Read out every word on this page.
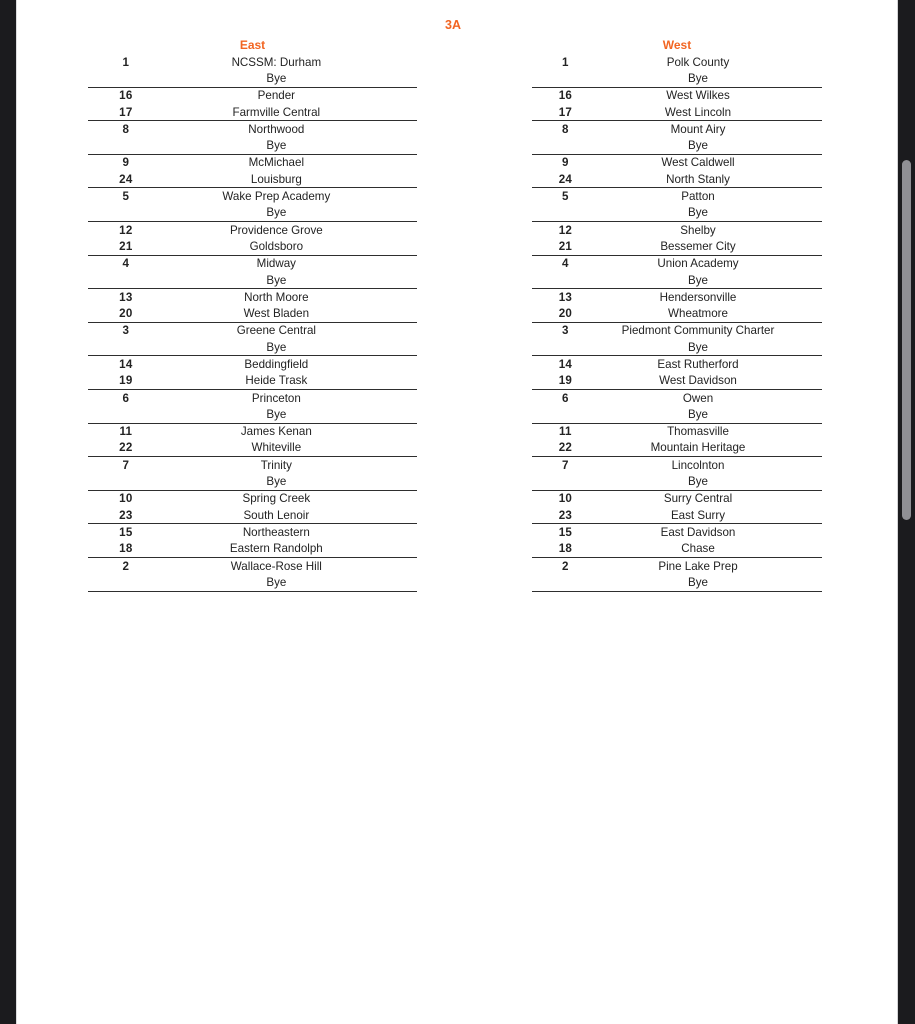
3A
East
1	NCSSM: Durham
Bye
16	Pender
17	Farmville Central
8	Northwood
Bye
9	McMichael
24	Louisburg
5	Wake Prep Academy
Bye
12	Providence Grove
21	Goldsboro
4	Midway
Bye
13	North Moore
20	West Bladen
3	Greene Central
Bye
14	Beddingfield
19	Heide Trask
6	Princeton
Bye
11	James Kenan
22	Whiteville
7	Trinity
Bye
10	Spring Creek
23	South Lenoir
15	Northeastern
18	Eastern Randolph
2	Wallace-Rose Hill
Bye
West
1	Polk County
Bye
16	West Wilkes
17	West Lincoln
8	Mount Airy
Bye
9	West Caldwell
24	North Stanly
5	Patton
Bye
12	Shelby
21	Bessemer City
4	Union Academy
Bye
13	Hendersonville
20	Wheatmore
3	Piedmont Community Charter
Bye
14	East Rutherford
19	West Davidson
6	Owen
Bye
11	Thomasville
22	Mountain Heritage
7	Lincolnton
Bye
10	Surry Central
23	East Surry
15	East Davidson
18	Chase
2	Pine Lake Prep
Bye
